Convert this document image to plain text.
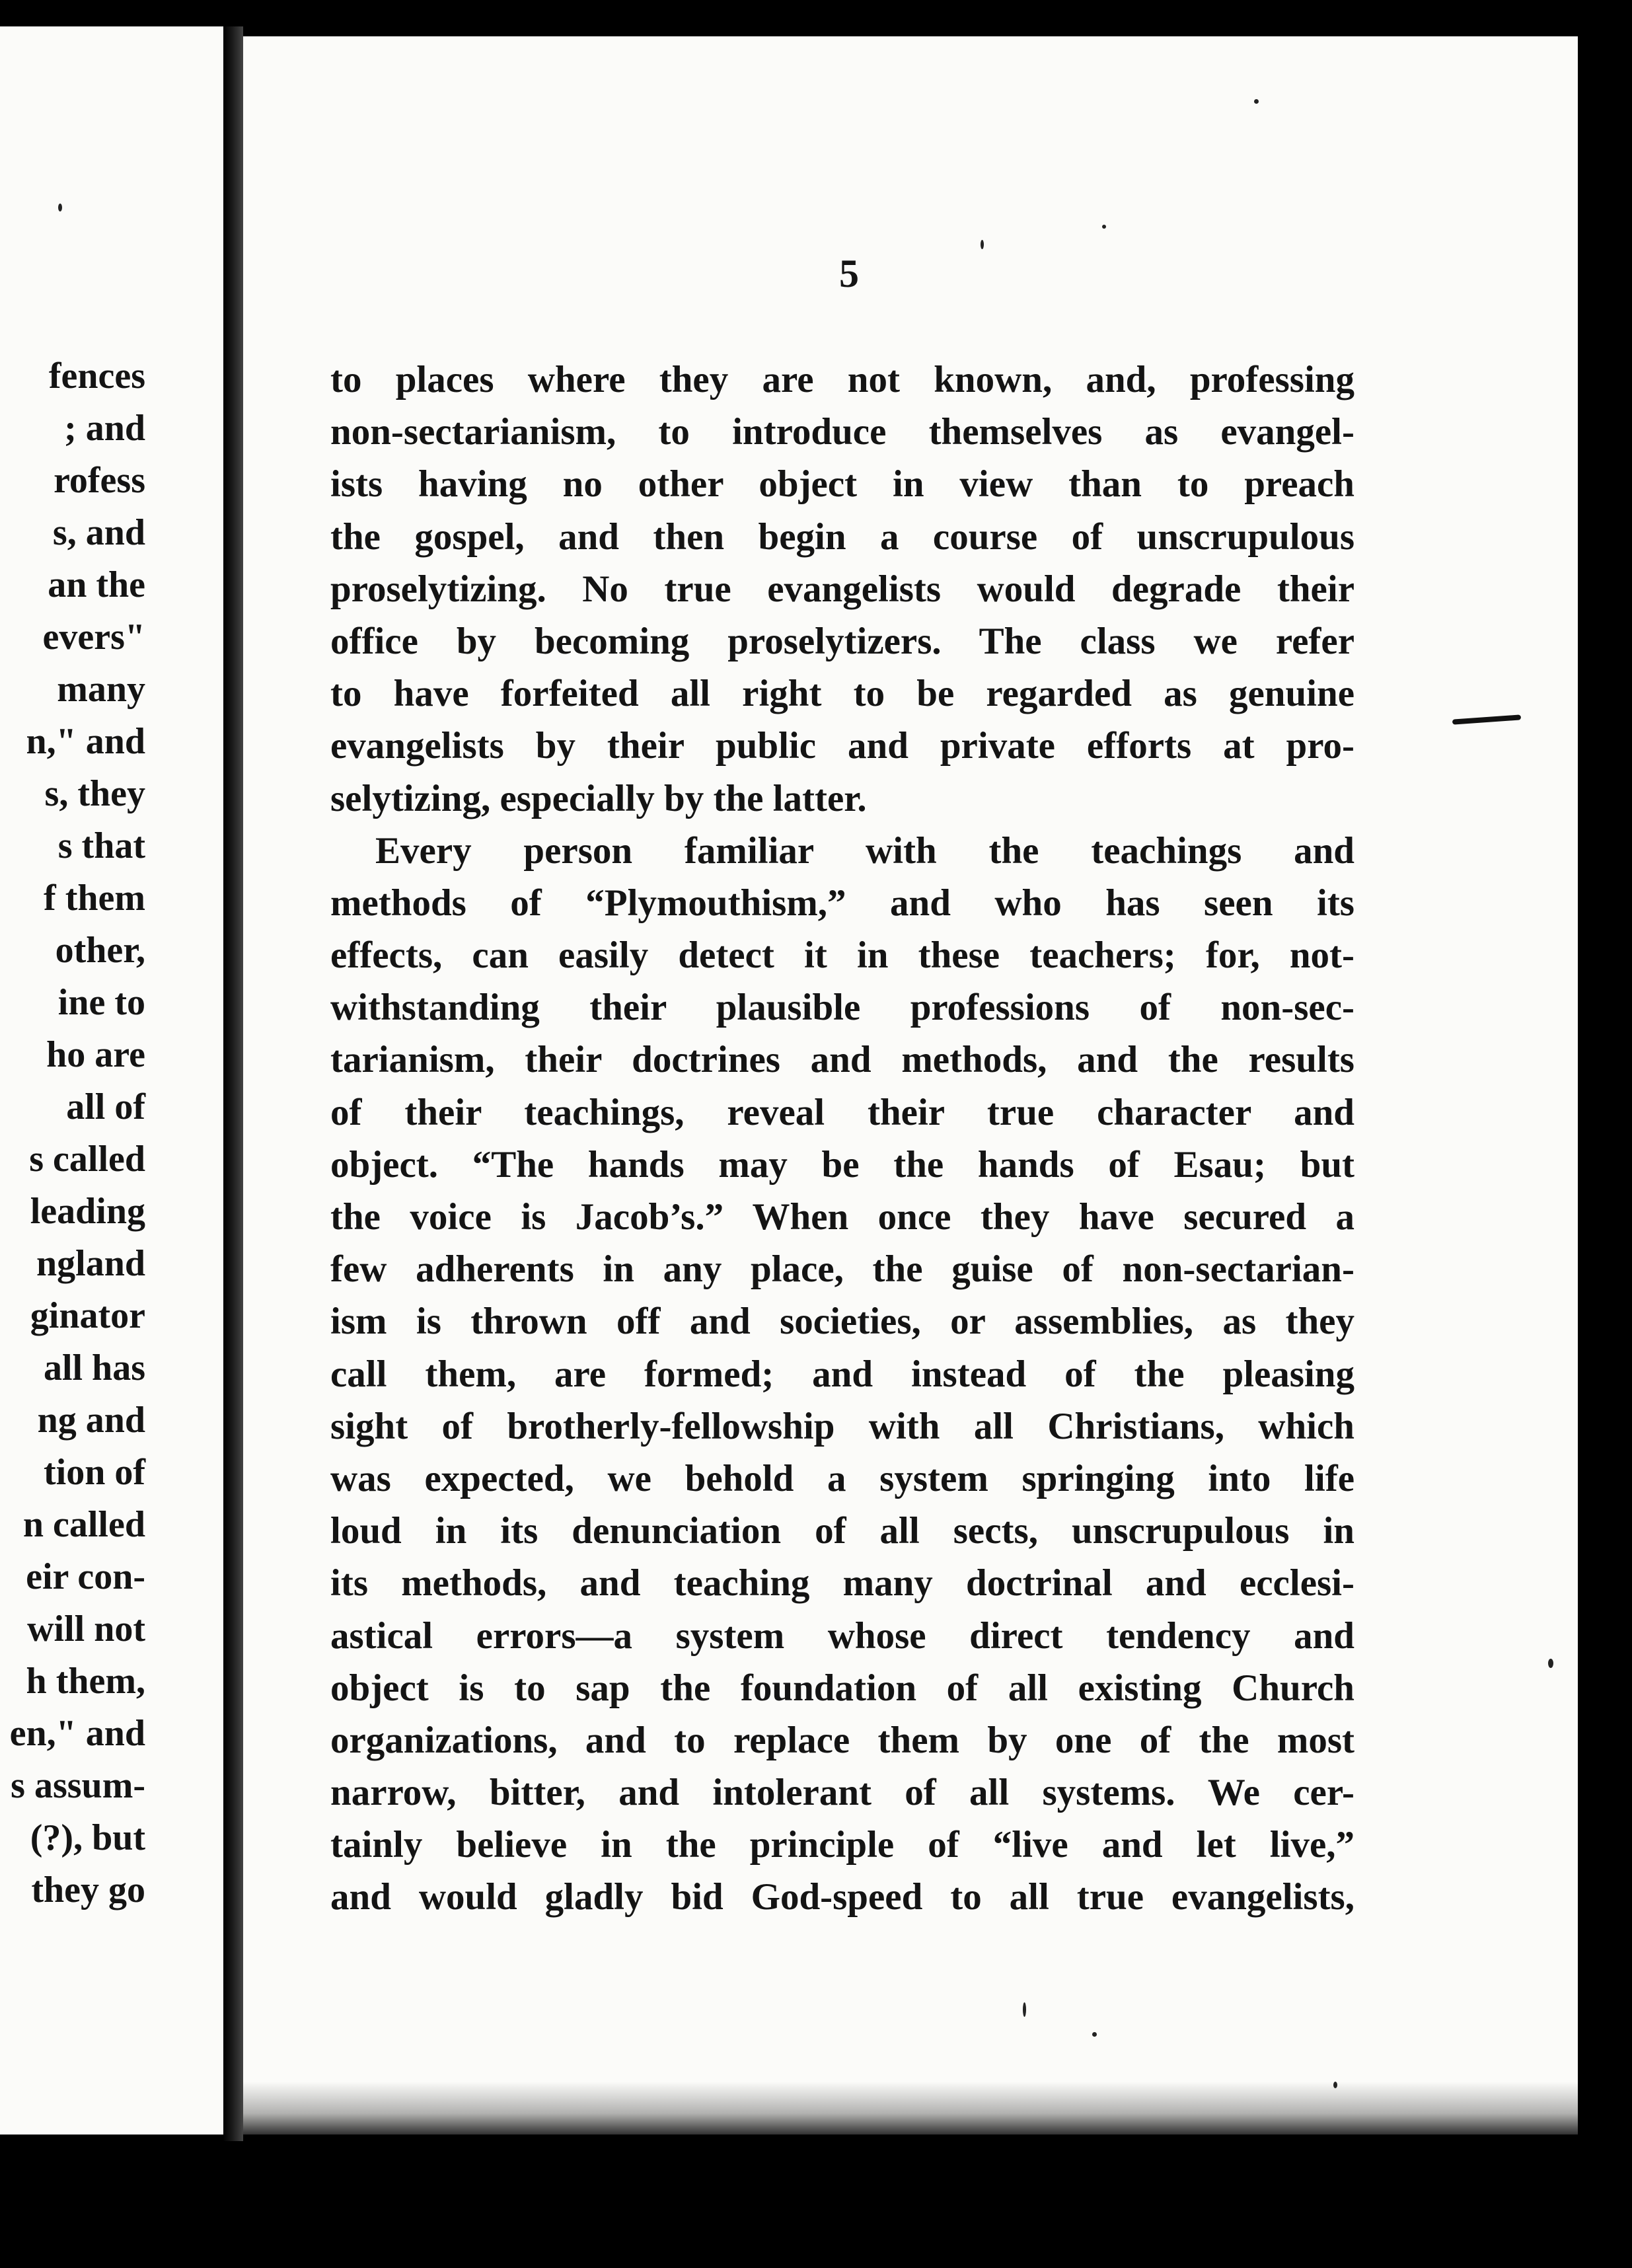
fences
; and
rofess
s, and
an the
evers"
many
n," and
s, they
s that
f them
other,
ine to
ho are
all of
s called
leading
ngland
ginator
all has
ng and
tion of
n called
eir con-
will not
h them,
en," and
s assum-
(?), but
they go
5
to places where they are not known, and, professing
non-sectarianism, to introduce themselves as evangel-
ists having no other object in view than to preach
the gospel, and then begin a course of unscrupulous
proselytizing. No true evangelists would degrade their
office by becoming proselytizers. The class we refer
to have forfeited all right to be regarded as genuine
evangelists by their public and private efforts at pro-
selytizing, especially by the latter.
Every person familiar with the teachings and
methods of “Plymouthism,” and who has seen its
effects, can easily detect it in these teachers; for, not-
withstanding their plausible professions of non-sec-
tarianism, their doctrines and methods, and the results
of their teachings, reveal their true character and
object. “The hands may be the hands of Esau; but
the voice is Jacob’s.” When once they have secured a
few adherents in any place, the guise of non-sectarian-
ism is thrown off and societies, or assemblies, as they
call them, are formed; and instead of the pleasing
sight of brotherly-fellowship with all Christians, which
was expected, we behold a system springing into life
loud in its denunciation of all sects, unscrupulous in
its methods, and teaching many doctrinal and ecclesi-
astical errors—a system whose direct tendency and
object is to sap the foundation of all existing Church
organizations, and to replace them by one of the most
narrow, bitter, and intolerant of all systems. We cer-
tainly believe in the principle of “live and let live,”
and would gladly bid God-speed to all true evangelists,
